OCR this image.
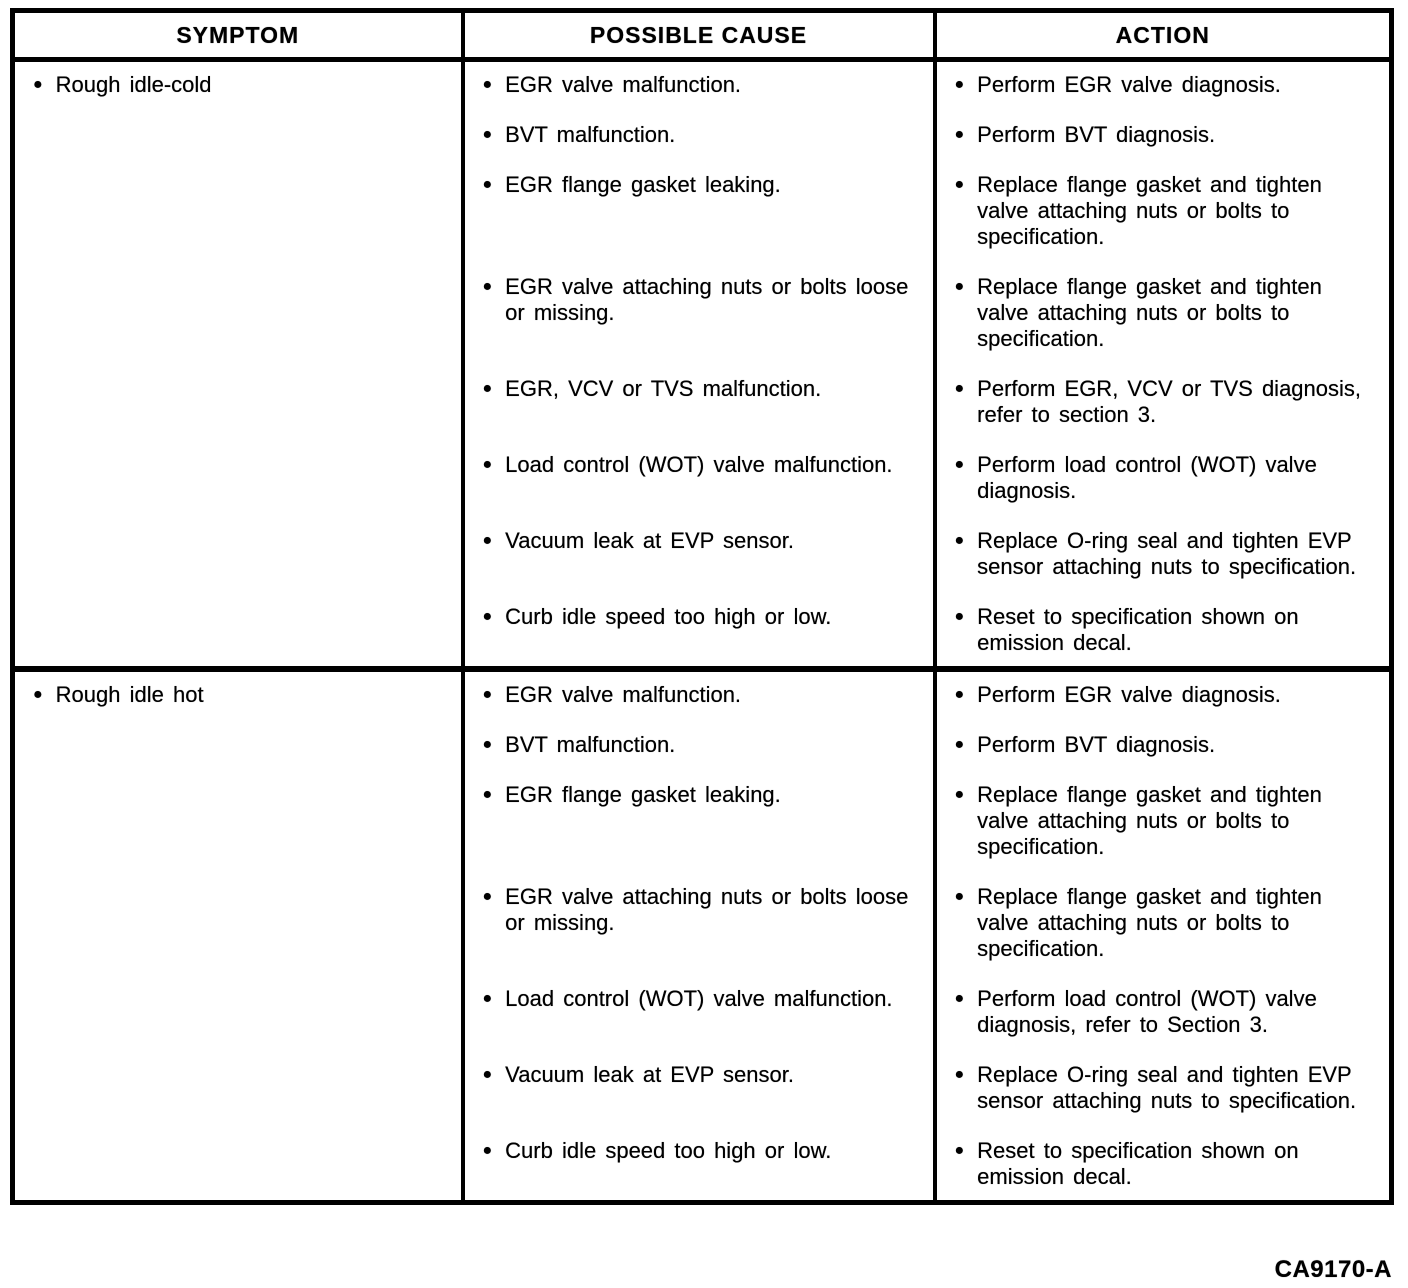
SYMPTOM	POSSIBLE CAUSE	ACTION

● Rough idle-cold	● EGR valve malfunction.	● Perform EGR valve diagnosis.

	● BVT malfunction.	● Perform BVT diagnosis.

	● EGR flange gasket leaking.	● Replace flange gasket and tighten valve attaching nuts or bolts to specification.

	● EGR valve attaching nuts or bolts loose or missing.	● Replace flange gasket and tighten valve attaching nuts or bolts to specification.

	● EGR, VCV or TVS malfunction.	● Perform EGR, VCV or TVS diagnosis, refer to section 3.

	● Load control (WOT) valve malfunction.	● Perform load control (WOT) valve diagnosis.

	● Vacuum leak at EVP sensor.	● Replace O-ring seal and tighten EVP sensor attaching nuts to specification.

	● Curb idle speed too high or low.	● Reset to specification shown on emission decal.

● Rough idle hot	● EGR valve malfunction.	● Perform EGR valve diagnosis.

	● BVT malfunction.	● Perform BVT diagnosis.

	● EGR flange gasket leaking.	● Replace flange gasket and tighten valve attaching nuts or bolts to specification.

	● EGR valve attaching nuts or bolts loose or missing.	● Replace flange gasket and tighten valve attaching nuts or bolts to specification.

	● Load control (WOT) valve malfunction.	● Perform load control (WOT) valve diagnosis, refer to Section 3.

	● Vacuum leak at EVP sensor.	● Replace O-ring seal and tighten EVP sensor attaching nuts to specification.

	● Curb idle speed too high or low.	● Reset to specification shown on emission decal.
CA9170-A
